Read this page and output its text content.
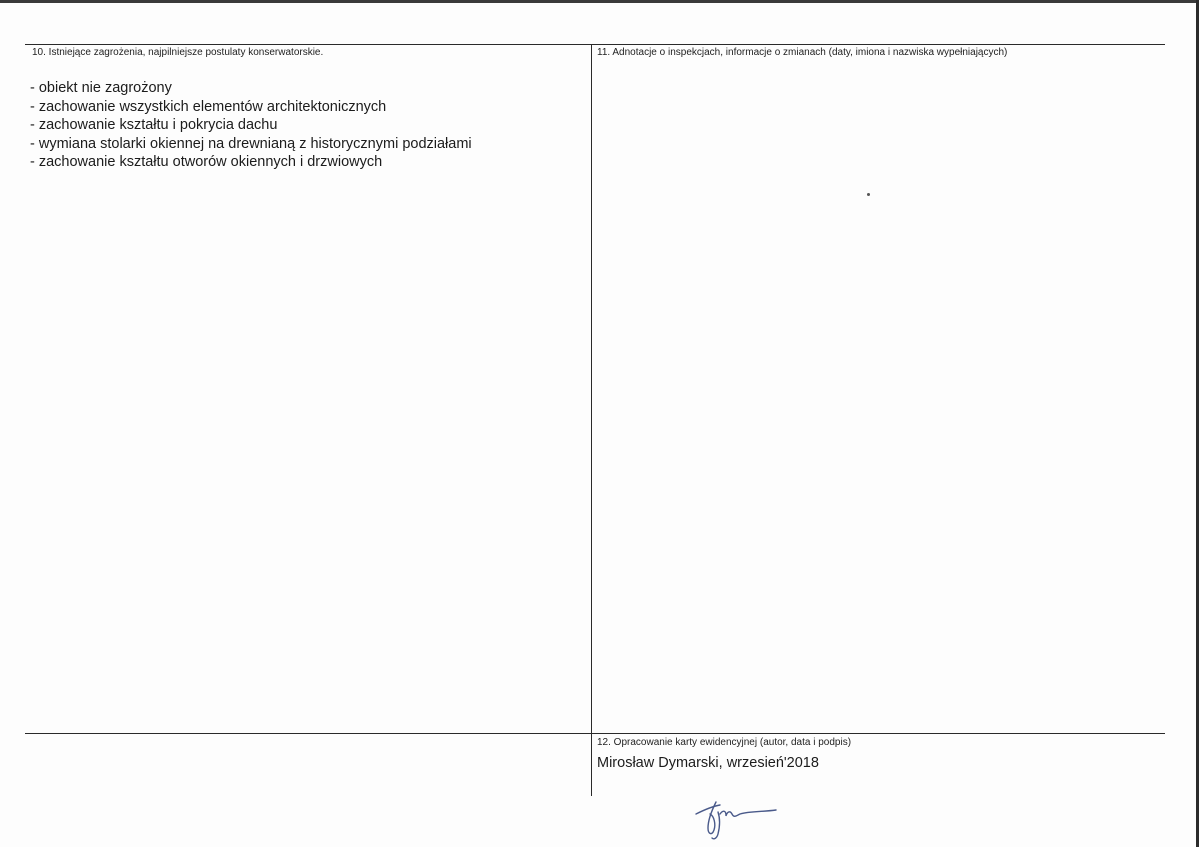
10. Istniejące zagrożenia, najpilniejsze postulaty konserwatorskie.
- obiekt nie zagrożony
- zachowanie wszystkich elementów architektonicznych
- zachowanie kształtu i pokrycia dachu
- wymiana stolarki okiennej na drewnianą z historycznymi podziałami
- zachowanie kształtu otworów okiennych i drzwiowych
11. Adnotacje o inspekcjach, informacje o zmianach (daty, imiona i nazwiska wypełniających)
12. Opracowanie karty ewidencyjnej (autor, data i podpis)
Mirosław Dymarski, wrzesień'2018
